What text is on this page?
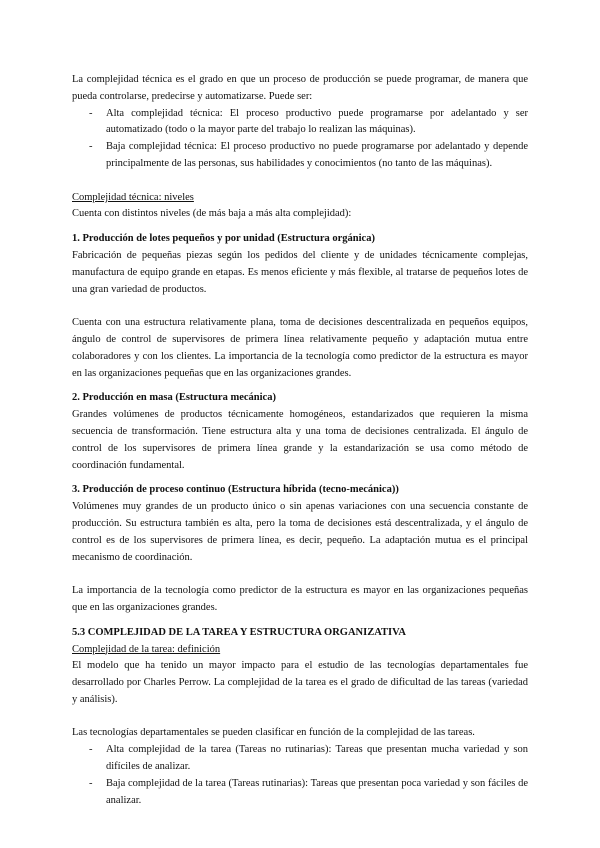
La complejidad técnica es el grado en que un proceso de producción se puede programar, de manera que pueda controlarse, predecirse y automatizarse. Puede ser:

- Alta complejidad técnica: El proceso productivo puede programarse por adelantado y ser automatizado (todo o la mayor parte del trabajo lo realizan las máquinas).
- Baja complejidad técnica: El proceso productivo no puede programarse por adelantado y depende principalmente de las personas, sus habilidades y conocimientos (no tanto de las máquinas).

Complejidad técnica: niveles

Cuenta con distintos niveles (de más baja a más alta complejidad):

1. Producción de lotes pequeños y por unidad (Estructura orgánica)

Fabricación de pequeñas piezas según los pedidos del cliente y de unidades técnicamente complejas, manufactura de equipo grande en etapas. Es menos eficiente y más flexible, al tratarse de pequeños lotes de una gran variedad de productos.

Cuenta con una estructura relativamente plana, toma de decisiones descentralizada en pequeños equipos, ángulo de control de supervisores de primera línea relativamente pequeño y adaptación mutua entre colaboradores y con los clientes. La importancia de la tecnología como predictor de la estructura es mayor en las organizaciones pequeñas que en las organizaciones grandes.

2. Producción en masa (Estructura mecánica)

Grandes volúmenes de productos técnicamente homogéneos, estandarizados que requieren la misma secuencia de transformación. Tiene estructura alta y una toma de decisiones centralizada. El ángulo de control de los supervisores de primera línea grande y la estandarización se usa como método de coordinación fundamental.

3. Producción de proceso continuo (Estructura híbrida (tecno-mecánica))

Volúmenes muy grandes de un producto único o sin apenas variaciones con una secuencia constante de producción. Su estructura también es alta, pero la toma de decisiones está descentralizada, y el ángulo de control es de los supervisores de primera línea, es decir, pequeño. La adaptación mutua es el principal mecanismo de coordinación.

La importancia de la tecnología como predictor de la estructura es mayor en las organizaciones pequeñas que en las organizaciones grandes.

5.3 COMPLEJIDAD DE LA TAREA Y ESTRUCTURA ORGANIZATIVA

Complejidad de la tarea: definición

El modelo que ha tenido un mayor impacto para el estudio de las tecnologías departamentales fue desarrollado por Charles Perrow. La complejidad de la tarea es el grado de dificultad de las tareas (variedad y análisis).

Las tecnologías departamentales se pueden clasificar en función de la complejidad de las tareas.

- Alta complejidad de la tarea (Tareas no rutinarias): Tareas que presentan mucha variedad y son difíciles de analizar.
- Baja complejidad de la tarea (Tareas rutinarias): Tareas que presentan poca variedad y son fáciles de analizar.
